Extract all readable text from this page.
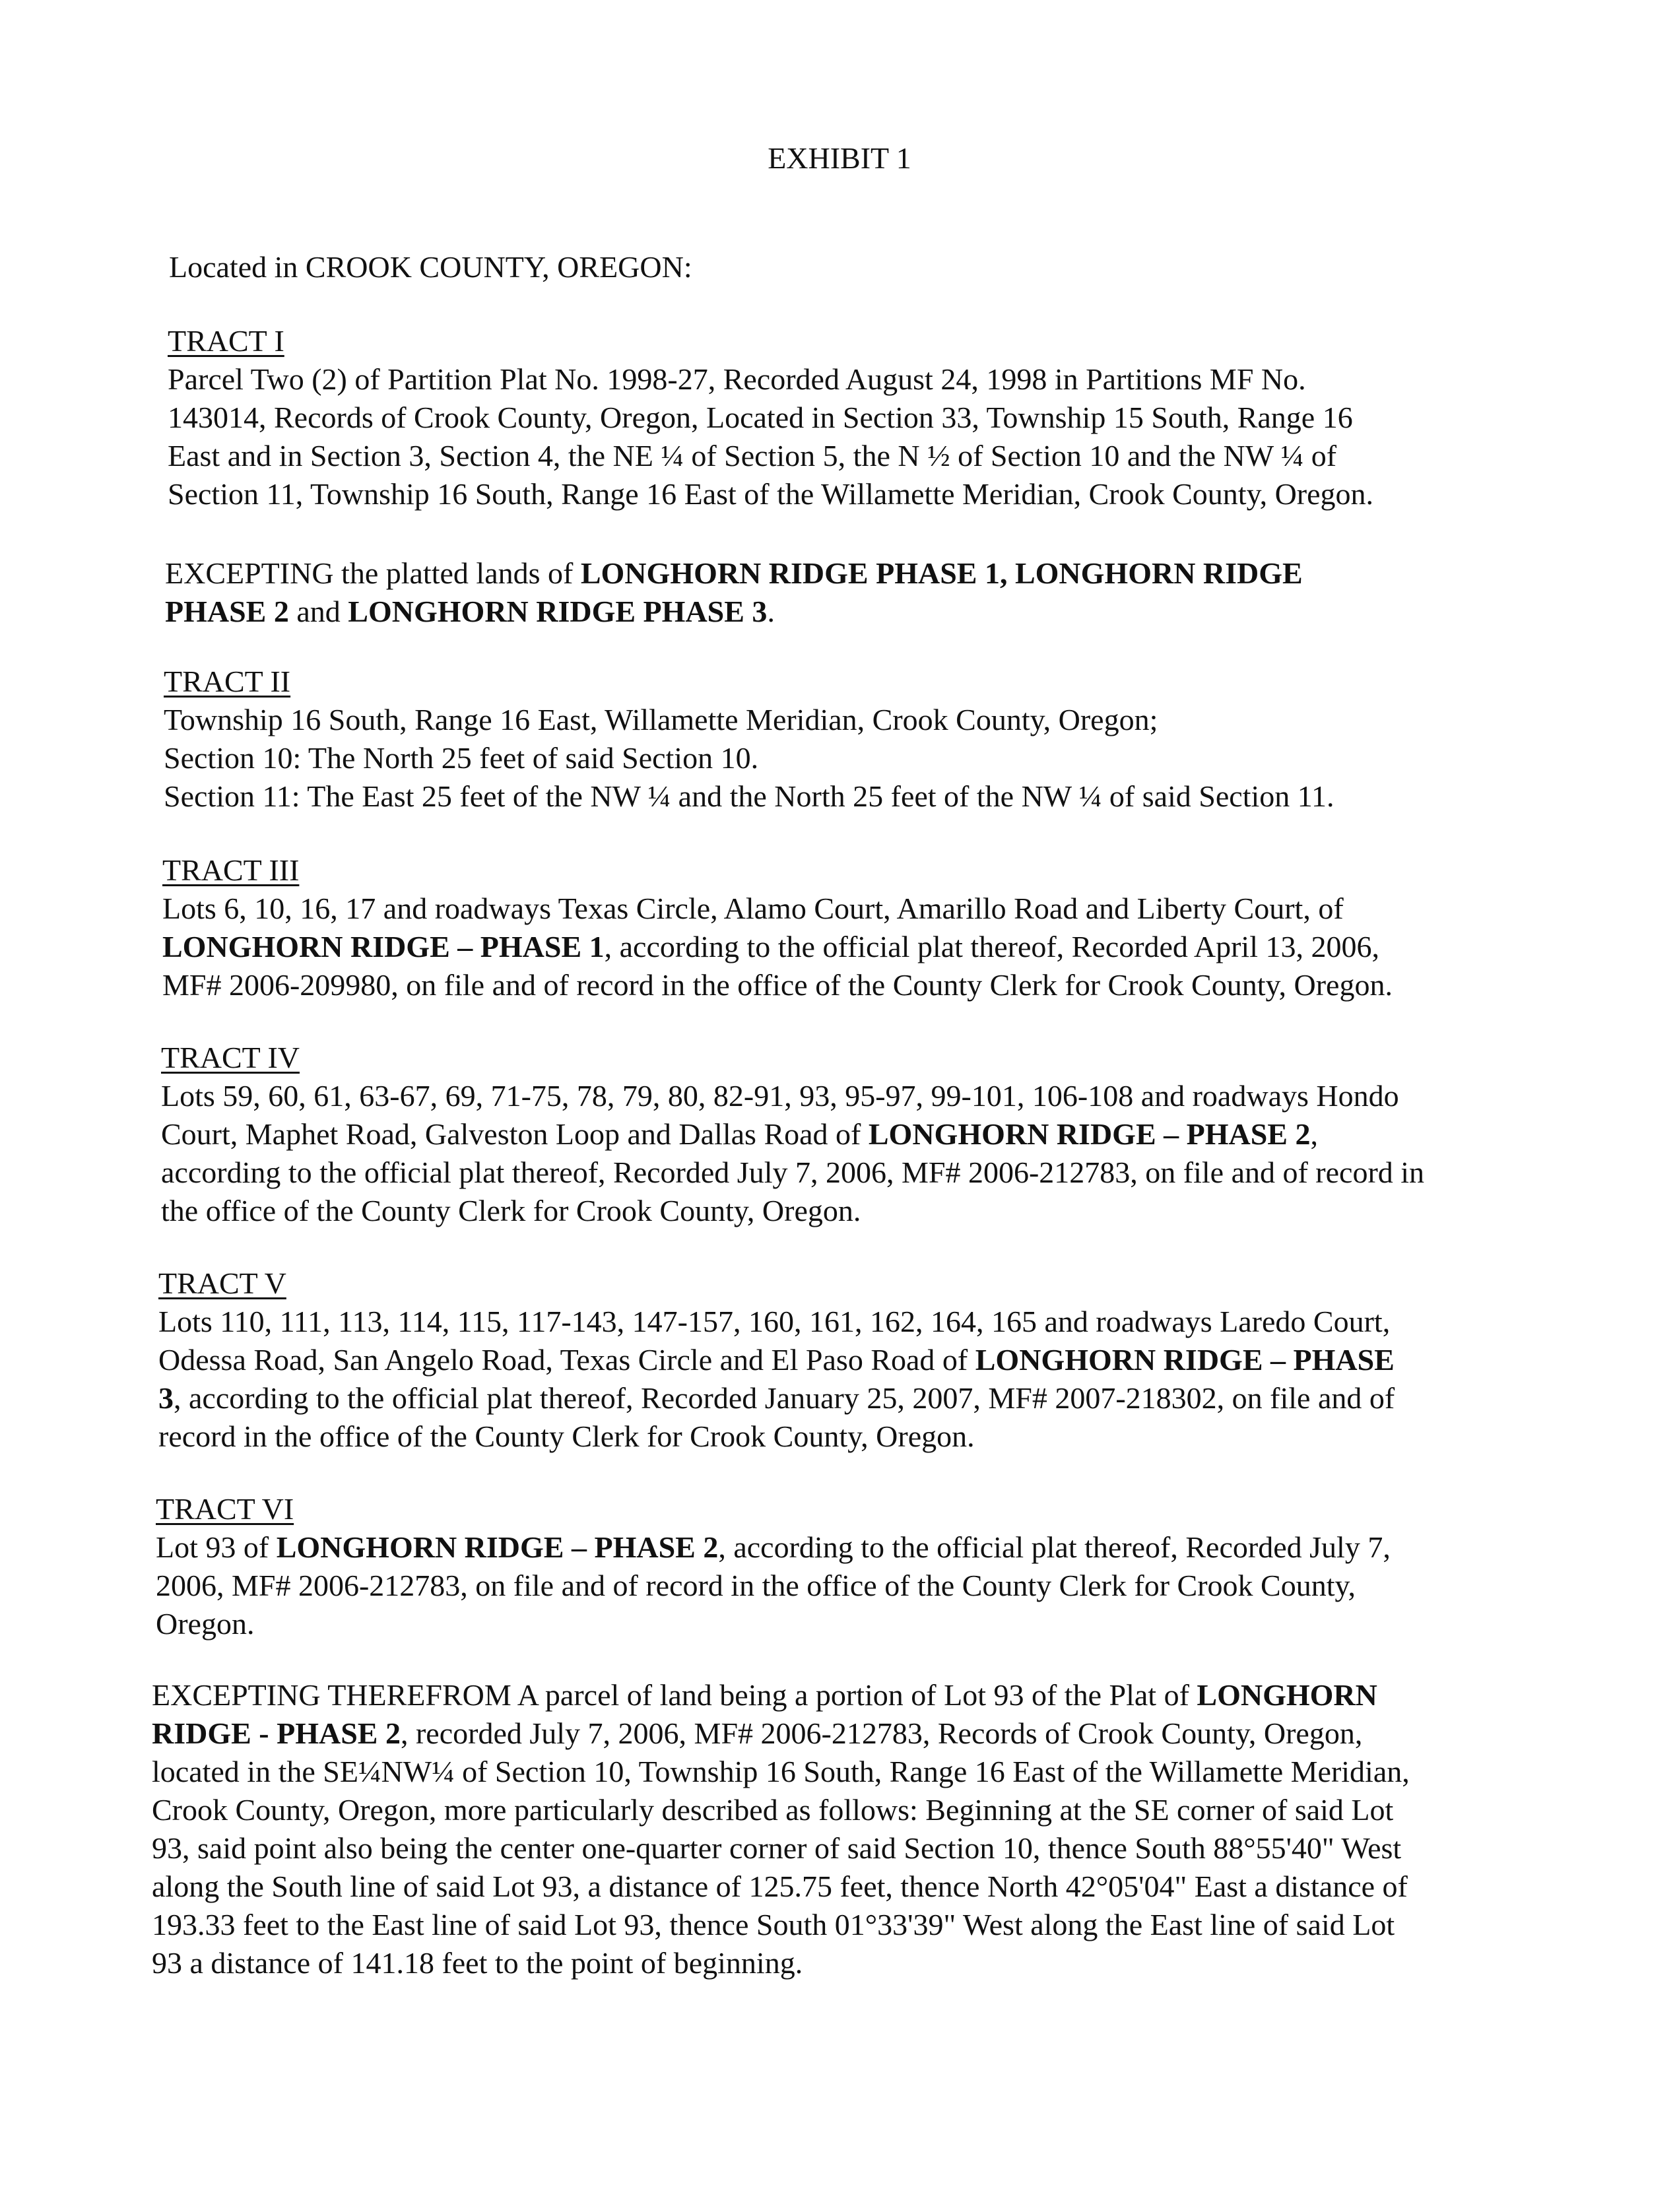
EXHIBIT 1
Located in CROOK COUNTY, OREGON:
TRACT I
Parcel Two (2) of Partition Plat No. 1998-27, Recorded August 24, 1998 in Partitions MF No.
143014, Records of Crook County, Oregon, Located in Section 33, Township 15 South, Range 16
East and in Section 3, Section 4, the NE ¼ of Section 5, the N ½ of Section 10 and the NW ¼ of
Section 11, Township 16 South, Range 16 East of the Willamette Meridian, Crook County, Oregon.
EXCEPTING the platted lands of LONGHORN RIDGE PHASE 1, LONGHORN RIDGE
PHASE 2 and LONGHORN RIDGE PHASE 3.
TRACT II
Township 16 South, Range 16 East, Willamette Meridian, Crook County, Oregon;
Section 10: The North 25 feet of said Section 10.
Section 11: The East 25 feet of the NW ¼ and the North 25 feet of the NW ¼ of said Section 11.
TRACT III
Lots 6, 10, 16, 17 and roadways Texas Circle, Alamo Court, Amarillo Road and Liberty Court, of
LONGHORN RIDGE – PHASE 1, according to the official plat thereof, Recorded April 13, 2006,
MF# 2006-209980, on file and of record in the office of the County Clerk for Crook County, Oregon.
TRACT IV
Lots 59, 60, 61, 63-67, 69, 71-75, 78, 79, 80, 82-91, 93, 95-97, 99-101, 106-108 and roadways Hondo
Court, Maphet Road, Galveston Loop and Dallas Road of LONGHORN RIDGE – PHASE 2,
according to the official plat thereof, Recorded July 7, 2006, MF# 2006-212783, on file and of record in
the office of the County Clerk for Crook County, Oregon.
TRACT V
Lots 110, 111, 113, 114, 115, 117-143, 147-157, 160, 161, 162, 164, 165 and roadways Laredo Court,
Odessa Road, San Angelo Road, Texas Circle and El Paso Road of LONGHORN RIDGE – PHASE
3, according to the official plat thereof, Recorded January 25, 2007, MF# 2007-218302, on file and of
record in the office of the County Clerk for Crook County, Oregon.
TRACT VI
Lot 93 of LONGHORN RIDGE – PHASE 2, according to the official plat thereof, Recorded July 7,
2006, MF# 2006-212783, on file and of record in the office of the County Clerk for Crook County,
Oregon.
EXCEPTING THEREFROM A parcel of land being a portion of Lot 93 of the Plat of LONGHORN
RIDGE - PHASE 2, recorded July 7, 2006, MF# 2006-212783, Records of Crook County, Oregon,
located in the SE¼NW¼ of Section 10, Township 16 South, Range 16 East of the Willamette Meridian,
Crook County, Oregon, more particularly described as follows: Beginning at the SE corner of said Lot
93, said point also being the center one-quarter corner of said Section 10, thence South 88°55'40" West
along the South line of said Lot 93, a distance of 125.75 feet, thence North 42°05'04" East a distance of
193.33 feet to the East line of said Lot 93, thence South 01°33'39" West along the East line of said Lot
93 a distance of 141.18 feet to the point of beginning.
